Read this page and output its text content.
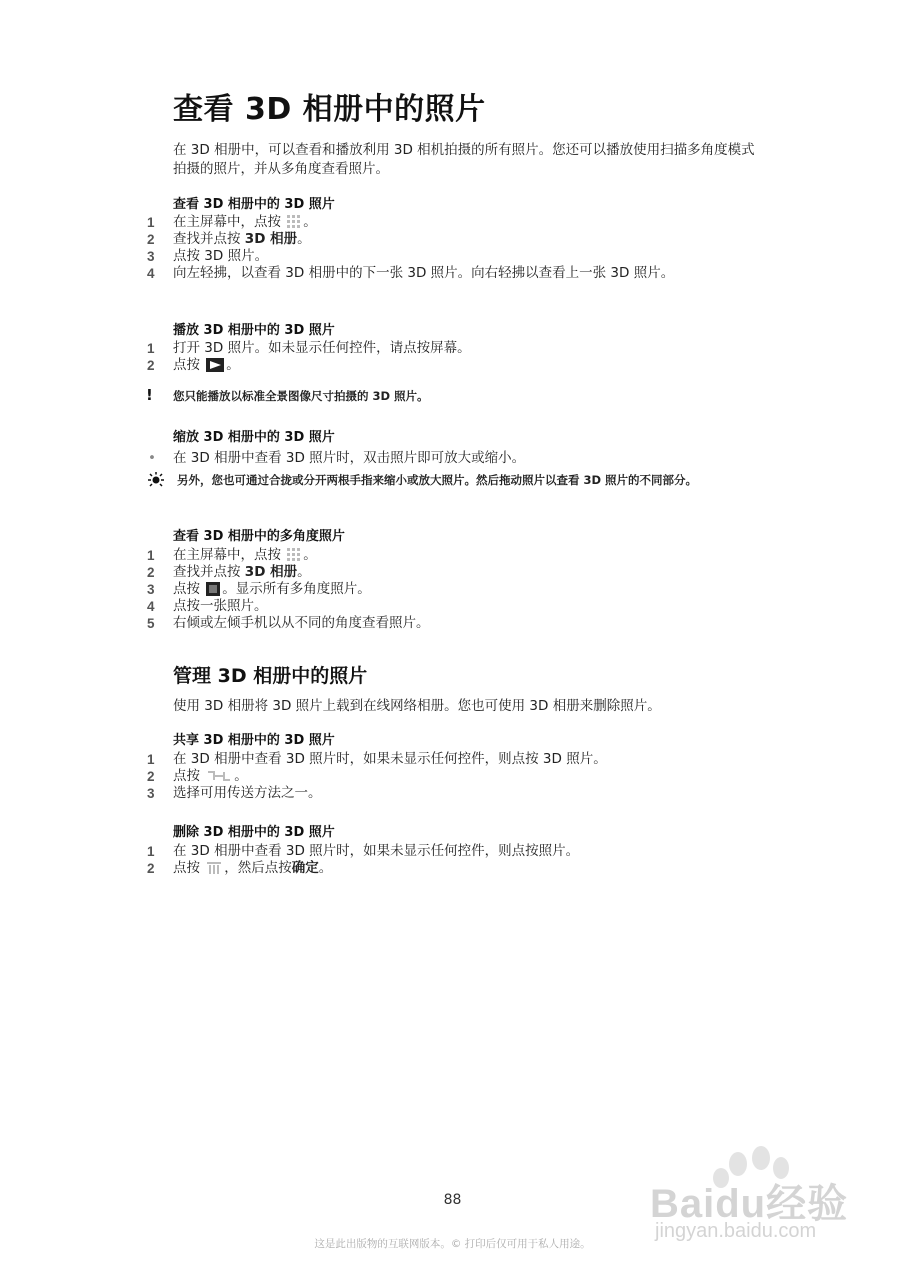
查看 3D 相册中的照片

在 3D 相册中，可以查看和播放利用 3D 相机拍摄的所有照片。您还可以播放使用扫描多角度模式拍摄的照片，并从多角度查看照片。

查看 3D 相册中的 3D 照片
1	在主屏幕中，点按 。
2	查找并点按 3D 相册。
3	点按 3D 照片。
4	向左轻拂，以查看 3D 相册中的下一张 3D 照片。向右轻拂以查看上一张 3D 照片。
播放 3D 相册中的 3D 照片
1	打开 3D 照片。如未显示任何控件，请点按屏幕。
2	点按 。
! 您只能播放以标准全景图像尺寸拍摄的 3D 照片。
缩放 3D 相册中的 3D 照片
• 在 3D 相册中查看 3D 照片时，双击照片即可放大或缩小。
另外，您也可通过合拢或分开两根手指来缩小或放大照片。然后拖动照片以查看 3D 照片的不同部分。
查看 3D 相册中的多角度照片
1	在主屏幕中，点按 。
2	查找并点按 3D 相册。
3	点按 。显示所有多角度照片。
4	点按一张照片。
5	右倾或左倾手机以从不同的角度查看照片。
管理 3D 相册中的照片

使用 3D 相册将 3D 照片上载到在线网络相册。您也可使用 3D 相册来删除照片。

共享 3D 相册中的 3D 照片
1	在 3D 相册中查看 3D 照片时，如果未显示任何控件，则点按 3D 照片。
2	点按	。
3	选择可用传送方法之一。
删除 3D 相册中的 3D 照片
1	在 3D 相册中查看 3D 照片时，如果未显示任何控件，则点按照片。
2	点按 ，然后点按确定。
88	Baidu经验
jingyan.baidu.com
这是此出版物的互联网版本。© 打印后仅可用于私人用途。
